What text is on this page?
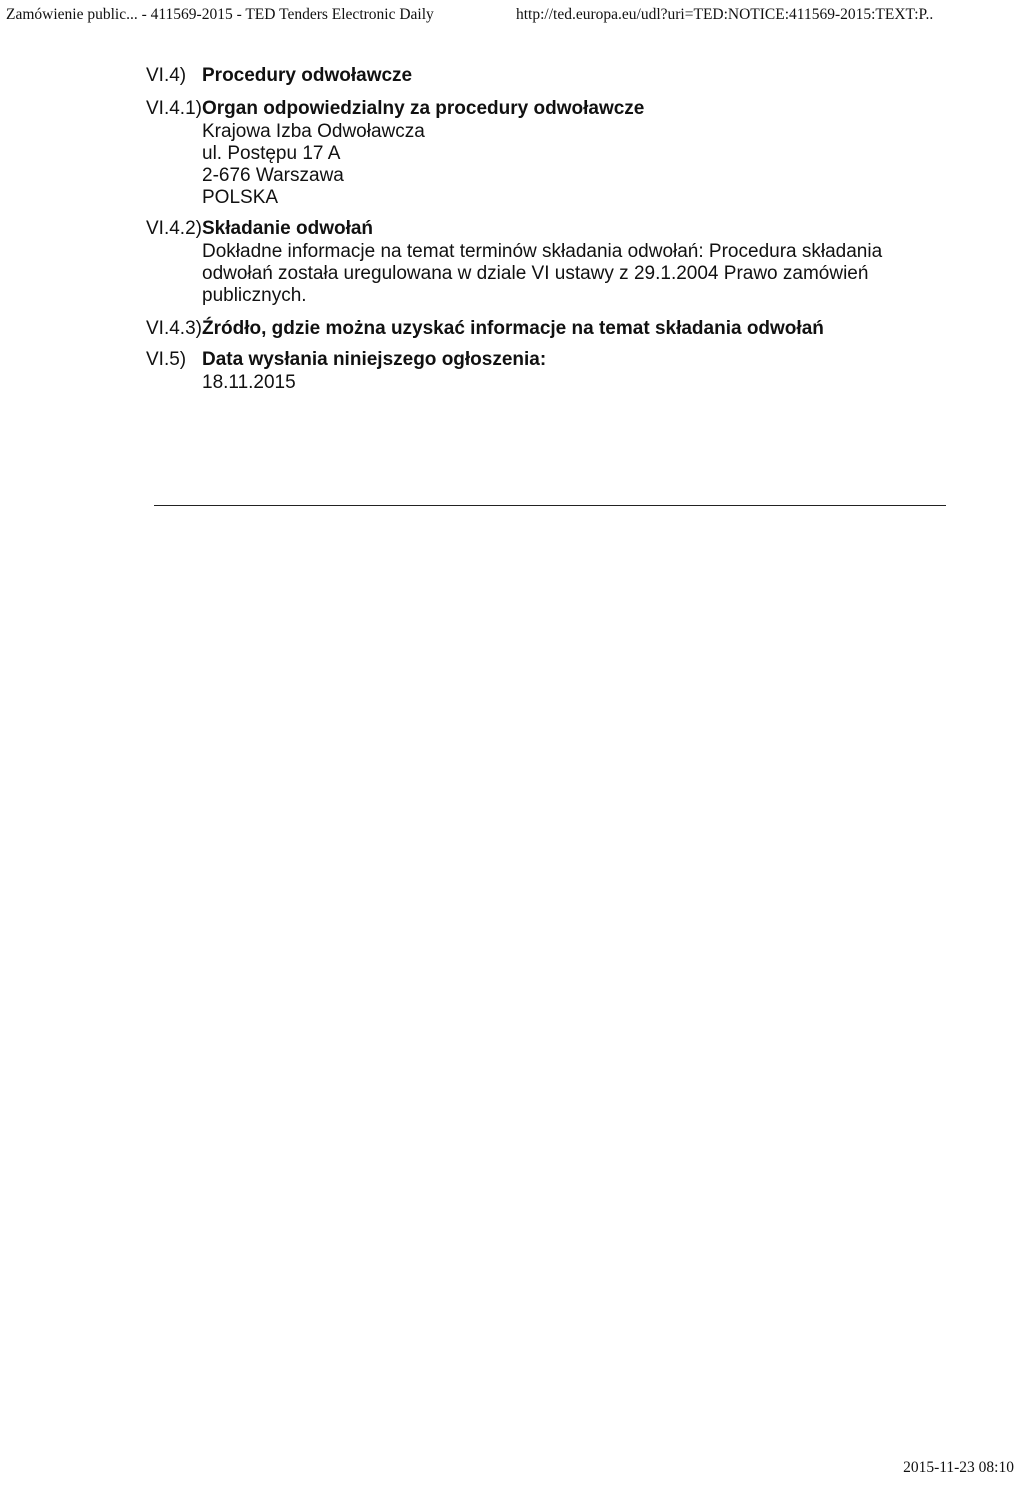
Zamówienie public... - 411569-2015 - TED Tenders Electronic Daily	http://ted.europa.eu/udl?uri=TED:NOTICE:411569-2015:TEXT:P..
VI.4) Procedury odwoławcze
VI.4.1) Organ odpowiedzialny za procedury odwoławcze
Krajowa Izba Odwoławcza
ul. Postępu 17 A
2-676 Warszawa
POLSKA
VI.4.2) Składanie odwołań
Dokładne informacje na temat terminów składania odwołań: Procedura składania odwołań została uregulowana w dziale VI ustawy z 29.1.2004 Prawo zamówień publicznych.
VI.4.3) Źródło, gdzie można uzyskać informacje na temat składania odwołań
VI.5) Data wysłania niniejszego ogłoszenia:
18.11.2015
2015-11-23 08:10
